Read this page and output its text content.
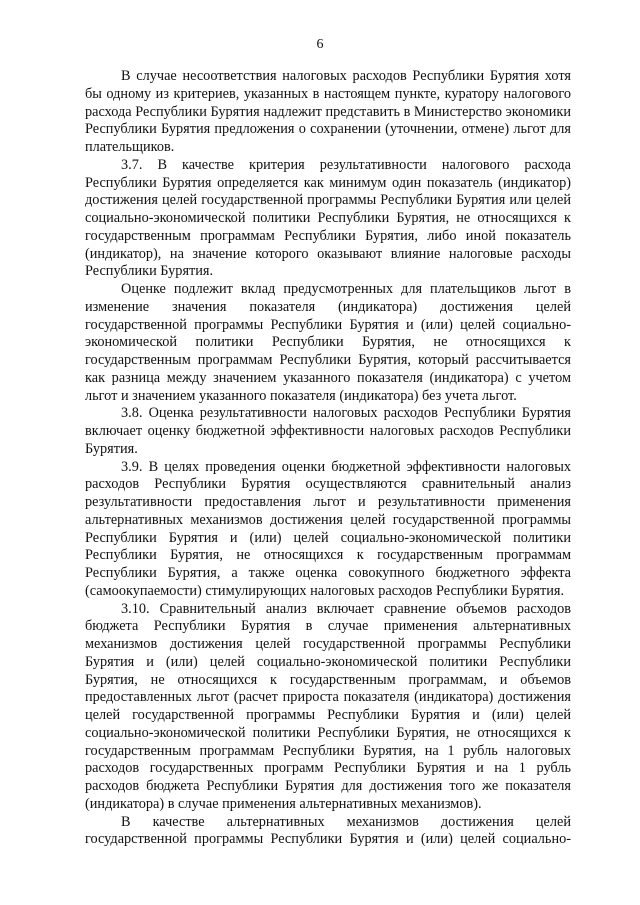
6

В случае несоответствия налоговых расходов Республики Бурятия хотя бы одному из критериев, указанных в настоящем пункте, куратору налогового расхода Республики Бурятия надлежит представить в Министерство экономики Республики Бурятия предложения о сохранении (уточнении, отмене) льгот для плательщиков.

3.7. В качестве критерия результативности налогового расхода Республики Бурятия определяется как минимум один показатель (индикатор) достижения целей государственной программы Республики Бурятия или целей социально-экономической политики Республики Бурятия, не относящихся к государственным программам Республики Бурятия, либо иной показатель (индикатор), на значение которого оказывают влияние налоговые расходы Республики Бурятия.

Оценке подлежит вклад предусмотренных для плательщиков льгот в изменение значения показателя (индикатора) достижения целей государственной программы Республики Бурятия и (или) целей социально-экономической политики Республики Бурятия, не относящихся к государственным программам Республики Бурятия, который рассчитывается как разница между значением указанного показателя (индикатора) с учетом льгот и значением указанного показателя (индикатора) без учета льгот.

3.8. Оценка результативности налоговых расходов Республики Бурятия включает оценку бюджетной эффективности налоговых расходов Республики Бурятия.

3.9. В целях проведения оценки бюджетной эффективности налоговых расходов Республики Бурятия осуществляются сравнительный анализ результативности предоставления льгот и результативности применения альтернативных механизмов достижения целей государственной программы Республики Бурятия и (или) целей социально-экономической политики Республики Бурятия, не относящихся к государственным программам Республики Бурятия, а также оценка совокупного бюджетного эффекта (самоокупаемости) стимулирующих налоговых расходов Республики Бурятия.

3.10. Сравнительный анализ включает сравнение объемов расходов бюджета Республики Бурятия в случае применения альтернативных механизмов достижения целей государственной программы Республики Бурятия и (или) целей социально-экономической политики Республики Бурятия, не относящихся к государственным программам, и объемов предоставленных льгот (расчет прироста показателя (индикатора) достижения целей государственной программы Республики Бурятия и (или) целей социально-экономической политики Республики Бурятия, не относящихся к государственным программам Республики Бурятия, на 1 рубль налоговых расходов государственных программ Республики Бурятия и на 1 рубль расходов бюджета Республики Бурятия для достижения того же показателя (индикатора) в случае применения альтернативных механизмов).

В качестве альтернативных механизмов достижения целей государственной программы Республики Бурятия и (или) целей социально-
